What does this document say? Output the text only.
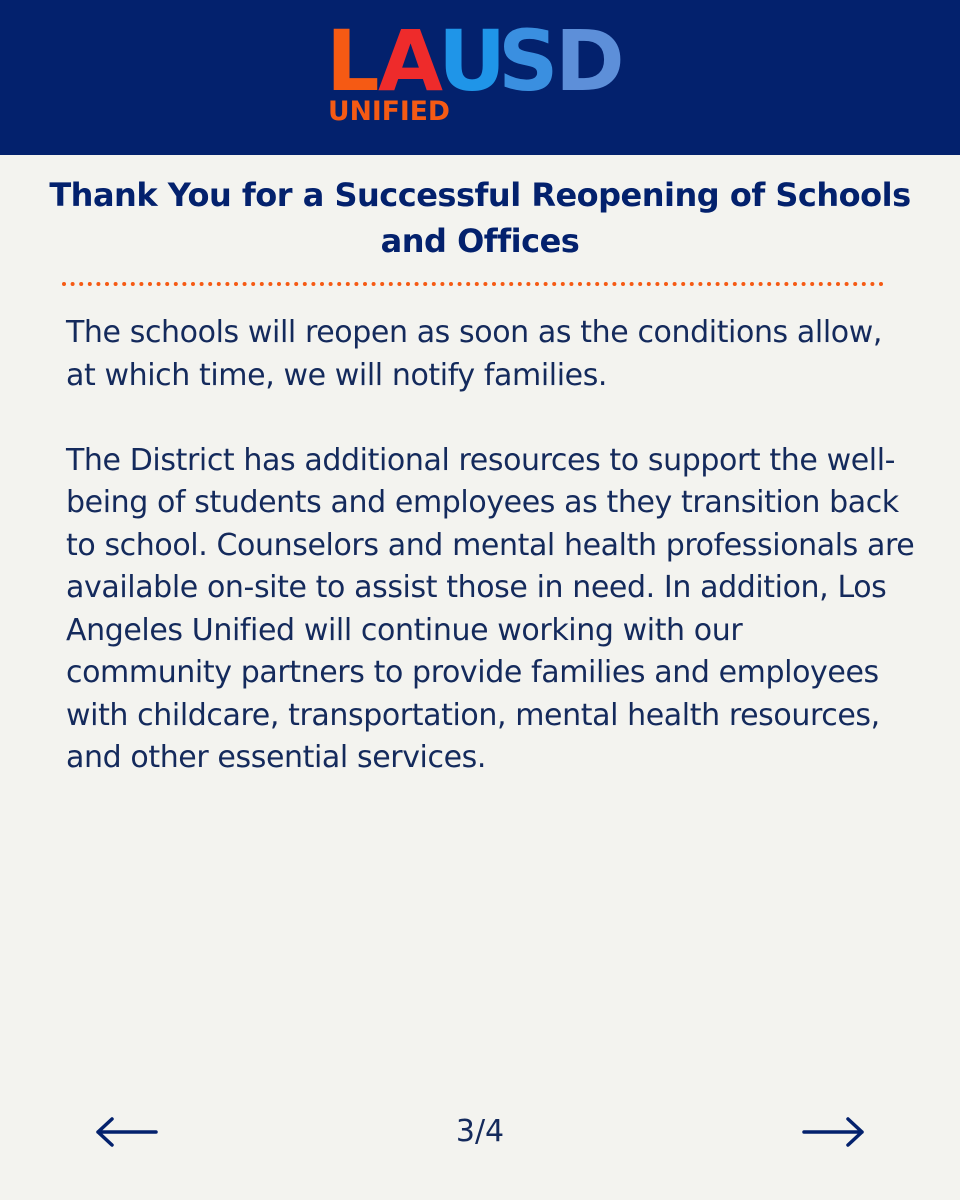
L
A
U
S
D
UNIFIED
Thank You for a Successful Reopening of Schools and Offices

The schools will reopen as soon as the conditions allow, at which time, we will notify families.

The District has additional resources to support the well-being of students and employees as they transition back to school. Counselors and mental health professionals are available on-site to assist those in need. In addition, Los Angeles Unified will continue working with our community partners to provide families and employees with childcare, transportation, mental health resources, and other essential services.

3/4
